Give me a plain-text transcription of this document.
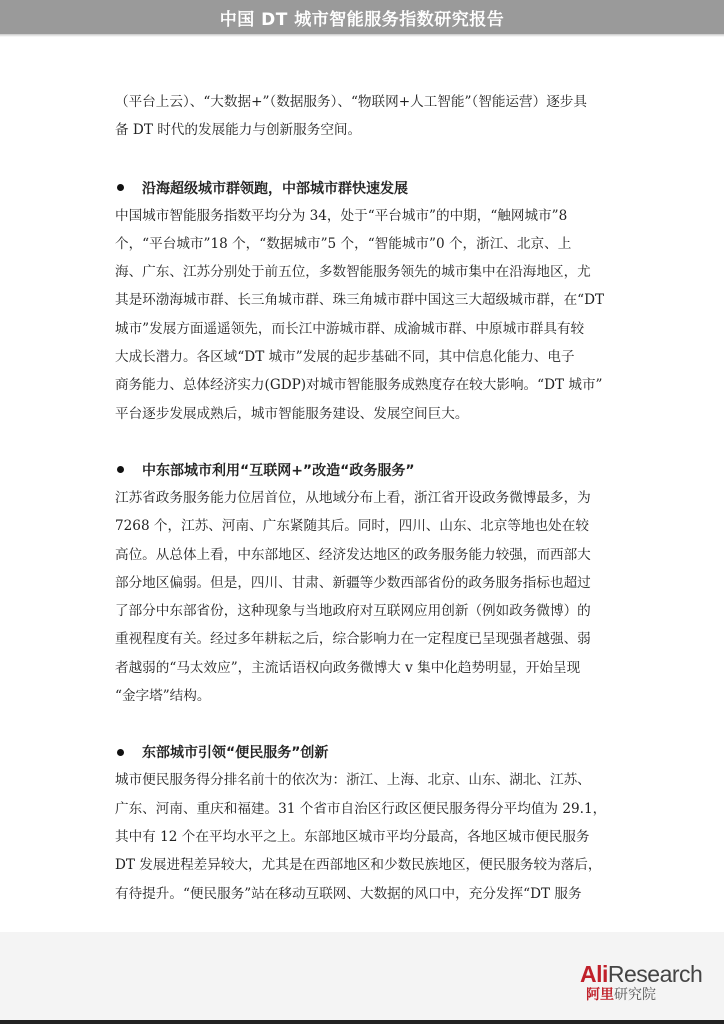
中国 DT 城市智能服务指数研究报告

（平台上云）、“大数据+”（数据服务）、“物联网+人工智能”（智能运营）逐步具

备 DT 时代的发展能力与创新服务空间。

沿海超级城市群领跑，中部城市群快速发展

中国城市智能服务指数平均分为 34，处于“平台城市”的中期，“触网城市”8

个，“平台城市”18 个，“数据城市”5 个，“智能城市”0 个，浙江、北京、上

海、广东、江苏分别处于前五位，多数智能服务领先的城市集中在沿海地区，尤

其是环渤海城市群、长三角城市群、珠三角城市群中国这三大超级城市群，在“DT

城市”发展方面遥遥领先，而长江中游城市群、成渝城市群、中原城市群具有较

大成长潜力。各区域“DT 城市”发展的起步基础不同，其中信息化能力、电子

商务能力、总体经济实力(GDP)对城市智能服务成熟度存在较大影响。“DT 城市”

平台逐步发展成熟后，城市智能服务建设、发展空间巨大。

中东部城市利用“互联网+”改造“政务服务”

江苏省政务服务能力位居首位，从地域分布上看，浙江省开设政务微博最多，为

7268 个，江苏、河南、广东紧随其后。同时，四川、山东、北京等地也处在较

高位。从总体上看，中东部地区、经济发达地区的政务服务能力较强，而西部大

部分地区偏弱。但是，四川、甘肃、新疆等少数西部省份的政务服务指标也超过

了部分中东部省份，这种现象与当地政府对互联网应用创新（例如政务微博）的

重视程度有关。经过多年耕耘之后，综合影响力在一定程度已呈现强者越强、弱

者越弱的“马太效应”，主流话语权向政务微博大 v 集中化趋势明显，开始呈现

“金字塔”结构。

东部城市引领“便民服务”创新

城市便民服务得分排名前十的依次为：浙江、上海、北京、山东、湖北、江苏、

广东、河南、重庆和福建。31 个省市自治区行政区便民服务得分平均值为 29.1，

其中有 12 个在平均水平之上。东部地区城市平均分最高，各地区城市便民服务

DT 发展进程差异较大，尤其是在西部地区和少数民族地区，便民服务较为落后，

有待提升。“便民服务”站在移动互联网、大数据的风口中，充分发挥“DT 服务

AliResearch
阿里研究院
